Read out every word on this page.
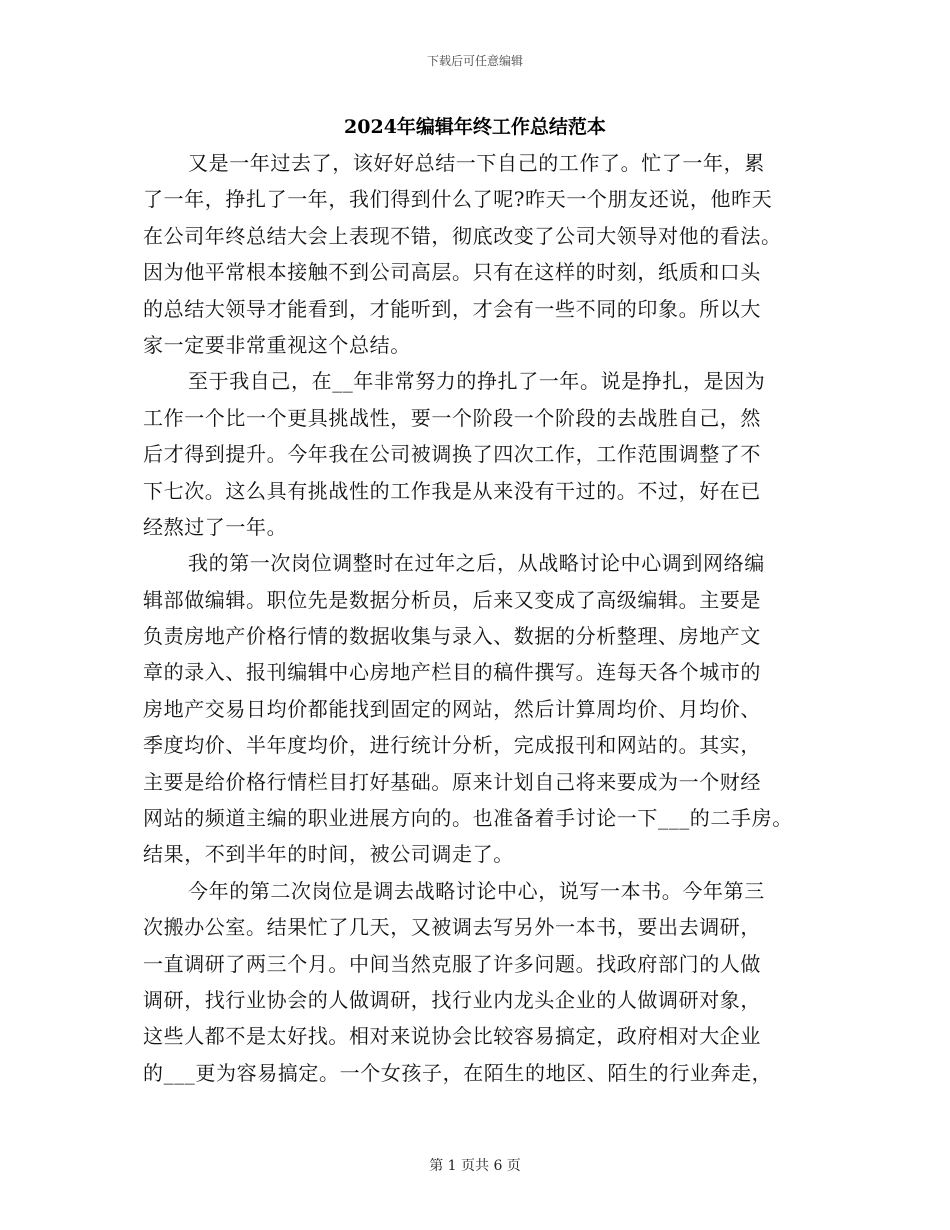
下载后可任意编辑
2024年编辑年终工作总结范本
又是一年过去了，该好好总结一下自己的工作了。忙了一年，累
了一年，挣扎了一年，我们得到什么了呢?昨天一个朋友还说，他昨天
在公司年终总结大会上表现不错，彻底改变了公司大领导对他的看法。
因为他平常根本接触不到公司高层。只有在这样的时刻，纸质和口头
的总结大领导才能看到，才能听到，才会有一些不同的印象。所以大
家一定要非常重视这个总结。
至于我自己，在__年非常努力的挣扎了一年。说是挣扎，是因为
工作一个比一个更具挑战性，要一个阶段一个阶段的去战胜自己，然
后才得到提升。今年我在公司被调换了四次工作，工作范围调整了不
下七次。这么具有挑战性的工作我是从来没有干过的。不过，好在已
经熬过了一年。
我的第一次岗位调整时在过年之后，从战略讨论中心调到网络编
辑部做编辑。职位先是数据分析员，后来又变成了高级编辑。主要是
负责房地产价格行情的数据收集与录入、数据的分析整理、房地产文
章的录入、报刊编辑中心房地产栏目的稿件撰写。连每天各个城市的
房地产交易日均价都能找到固定的网站，然后计算周均价、月均价、
季度均价、半年度均价，进行统计分析，完成报刊和网站的。其实，
主要是给价格行情栏目打好基础。原来计划自己将来要成为一个财经
网站的频道主编的职业进展方向的。也准备着手讨论一下___的二手房。
结果，不到半年的时间，被公司调走了。
今年的第二次岗位是调去战略讨论中心，说写一本书。今年第三
次搬办公室。结果忙了几天，又被调去写另外一本书，要出去调研，
一直调研了两三个月。中间当然克服了许多问题。找政府部门的人做
调研，找行业协会的人做调研，找行业内龙头企业的人做调研对象，
这些人都不是太好找。相对来说协会比较容易搞定，政府相对大企业
的___更为容易搞定。一个女孩子，在陌生的地区、陌生的行业奔走，
第 1 页共 6 页
